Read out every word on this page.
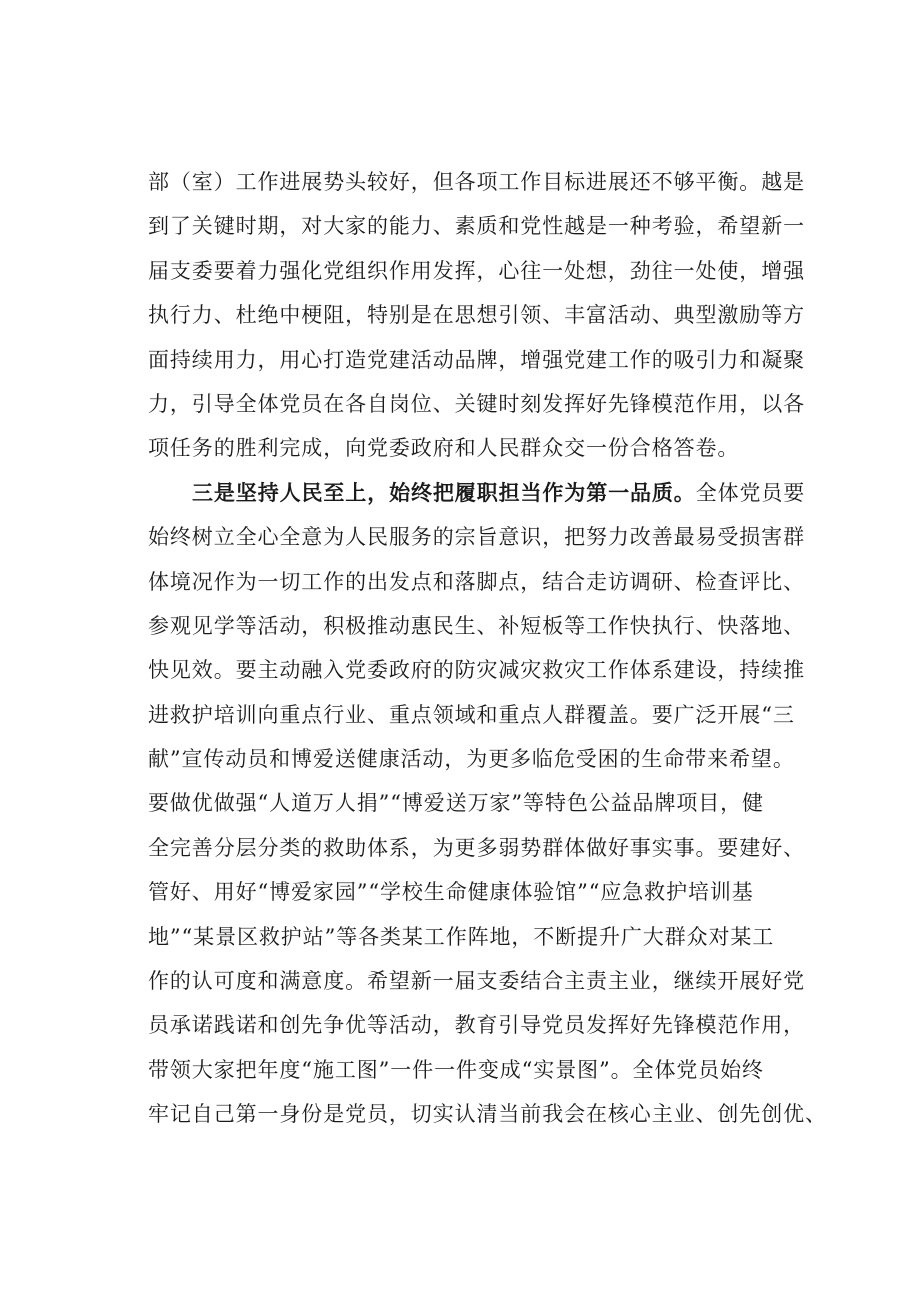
部（室）工作进展势头较好，但各项工作目标进展还不够平衡。越是
到了关键时期，对大家的能力、素质和党性越是一种考验，希望新一
届支委要着力强化党组织作用发挥，心往一处想，劲往一处使，增强
执行力、杜绝中梗阻，特别是在思想引领、丰富活动、典型激励等方
面持续用力，用心打造党建活动品牌，增强党建工作的吸引力和凝聚
力，引导全体党员在各自岗位、关键时刻发挥好先锋模范作用，以各
项任务的胜利完成，向党委政府和人民群众交一份合格答卷。
三是坚持人民至上，始终把履职担当作为第一品质。全体党员要
始终树立全心全意为人民服务的宗旨意识，把努力改善最易受损害群
体境况作为一切工作的出发点和落脚点，结合走访调研、检查评比、
参观见学等活动，积极推动惠民生、补短板等工作快执行、快落地、
快见效。要主动融入党委政府的防灾减灾救灾工作体系建设，持续推
进救护培训向重点行业、重点领域和重点人群覆盖。要广泛开展“三
献”宣传动员和博爱送健康活动，为更多临危受困的生命带来希望。
要做优做强“人道万人捐”“博爱送万家”等特色公益品牌项目，健
全完善分层分类的救助体系，为更多弱势群体做好事实事。要建好、
管好、用好“博爱家园”“学校生命健康体验馆”“应急救护培训基
地”“某景区救护站”等各类某工作阵地，不断提升广大群众对某工
作的认可度和满意度。希望新一届支委结合主责主业，继续开展好党
员承诺践诺和创先争优等活动，教育引导党员发挥好先锋模范作用，
带领大家把年度“施工图”一件一件变成“实景图”。全体党员始终
牢记自己第一身份是党员，切实认清当前我会在核心主业、创先创优、
